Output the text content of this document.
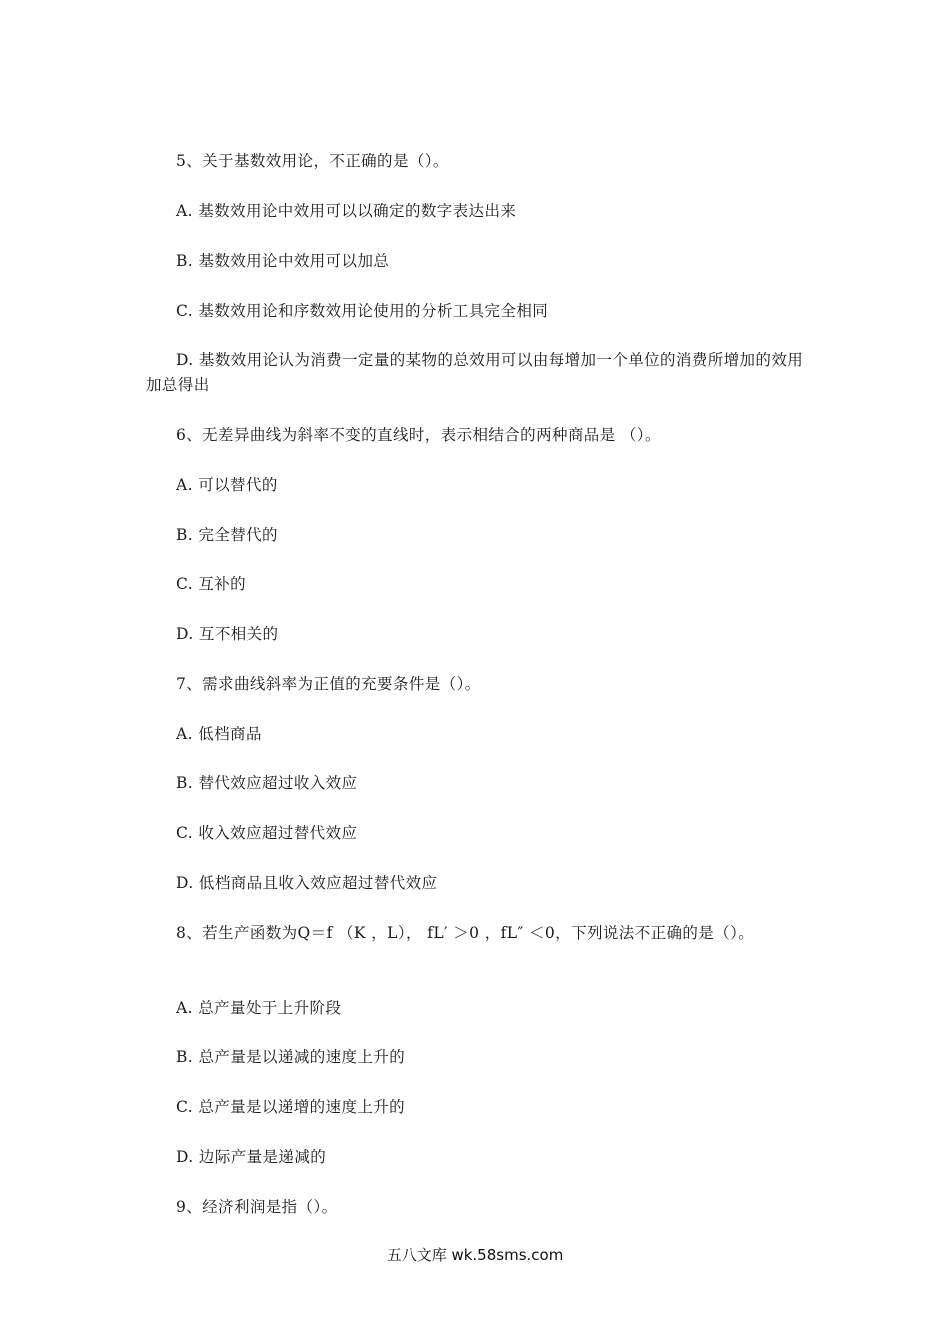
5、关于基数效用论，不正确的是（）。
A. 基数效用论中效用可以以确定的数字表达出来
B. 基数效用论中效用可以加总
C. 基数效用论和序数效用论使用的分析工具完全相同
D. 基数效用论认为消费一定量的某物的总效用可以由每增加一个单位的消费所增加的效用加总得出
6、无差异曲线为斜率不变的直线时，表示相结合的两种商品是 （）。
A. 可以替代的
B. 完全替代的
C. 互补的
D. 互不相关的
7、需求曲线斜率为正值的充要条件是（）。
A. 低档商品
B. 替代效应超过收入效应
C. 收入效应超过替代效应
D. 低档商品且收入效应超过替代效应
8、若生产函数为Q＝f （K ，L）， fL′ ＞0 ，fL″ ＜0，下列说法不正确的是（）。
A. 总产量处于上升阶段
B. 总产量是以递减的速度上升的
C. 总产量是以递增的速度上升的
D. 边际产量是递减的
9、经济利润是指（）。
五八文库 wk.58sms.com
